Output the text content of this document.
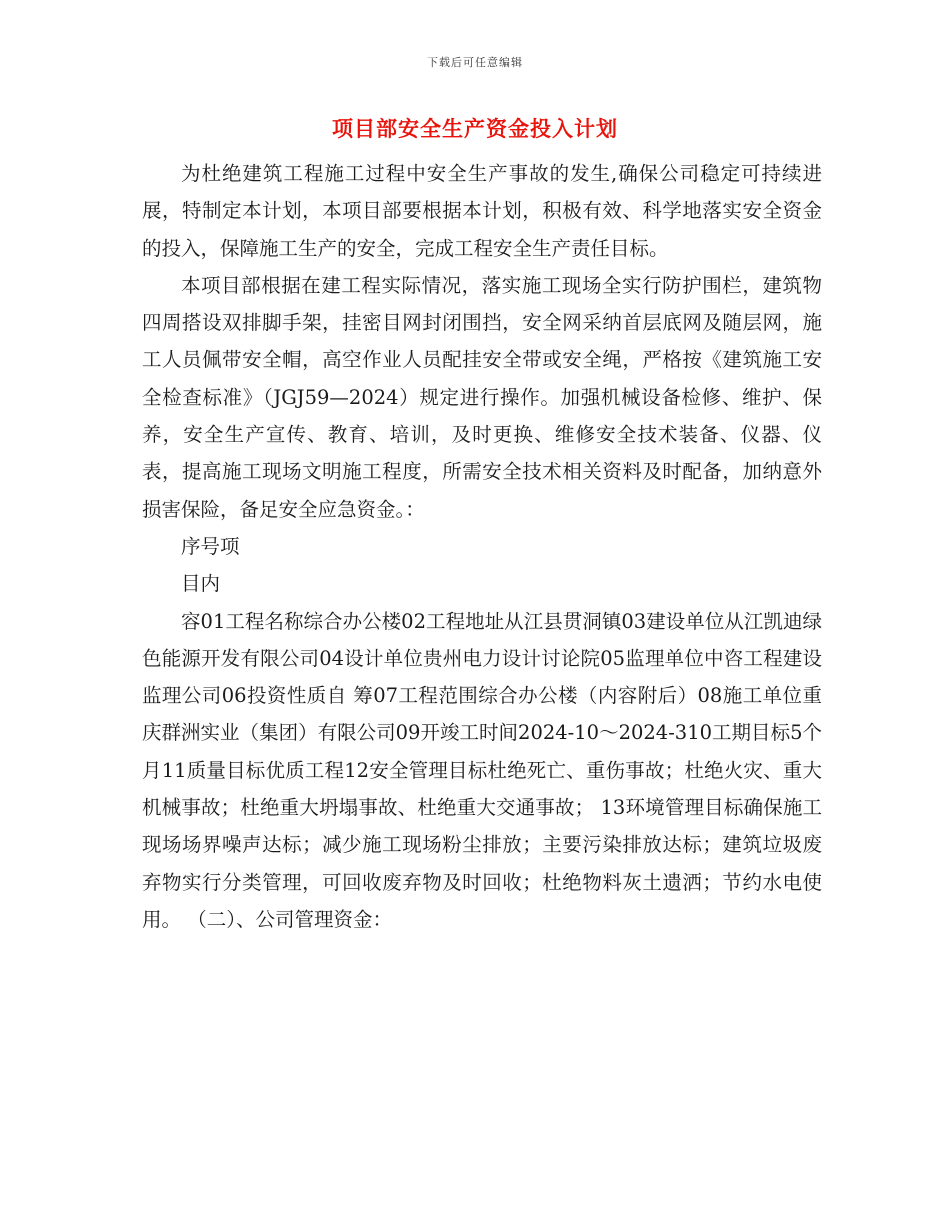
下载后可任意编辑
项目部安全生产资金投入计划

为杜绝建筑工程施工过程中安全生产事故的发生,确保公司稳定可持续进展，特制定本计划，本项目部要根据本计划，积极有效、科学地落实安全资金的投入，保障施工生产的安全，完成工程安全生产责任目标。

本项目部根据在建工程实际情况，落实施工现场全实行防护围栏，建筑物四周搭设双排脚手架，挂密目网封闭围挡，安全网采纳首层底网及随层网，施工人员佩带安全帽，高空作业人员配挂安全带或安全绳，严格按《建筑施工安全检查标准》（JGJ59—2024）规定进行操作。加强机械设备检修、维护、保养，安全生产宣传、教育、培训，及时更换、维修安全技术装备、仪器、仪表，提高施工现场文明施工程度，所需安全技术相关资料及时配备，加纳意外损害保险，备足安全应急资金。：

序号项

目内

容01工程名称综合办公楼02工程地址从江县贯洞镇03建设单位从江凯迪绿色能源开发有限公司04设计单位贵州电力设计讨论院05监理单位中咨工程建设监理公司06投资性质自 筹07工程范围综合办公楼（内容附后）08施工单位重庆群洲实业（集团）有限公司09开竣工时间2024-10～2024-310工期目标5个月11质量目标优质工程12安全管理目标杜绝死亡、重伤事故；杜绝火灾、重大机械事故；杜绝重大坍塌事故、杜绝重大交通事故； 13环境管理目标确保施工现场场界噪声达标；减少施工现场粉尘排放；主要污染排放达标；建筑垃圾废弃物实行分类管理，可回收废弃物及时回收；杜绝物料灰土遗洒；节约水电使用。 （二）、公司管理资金：
